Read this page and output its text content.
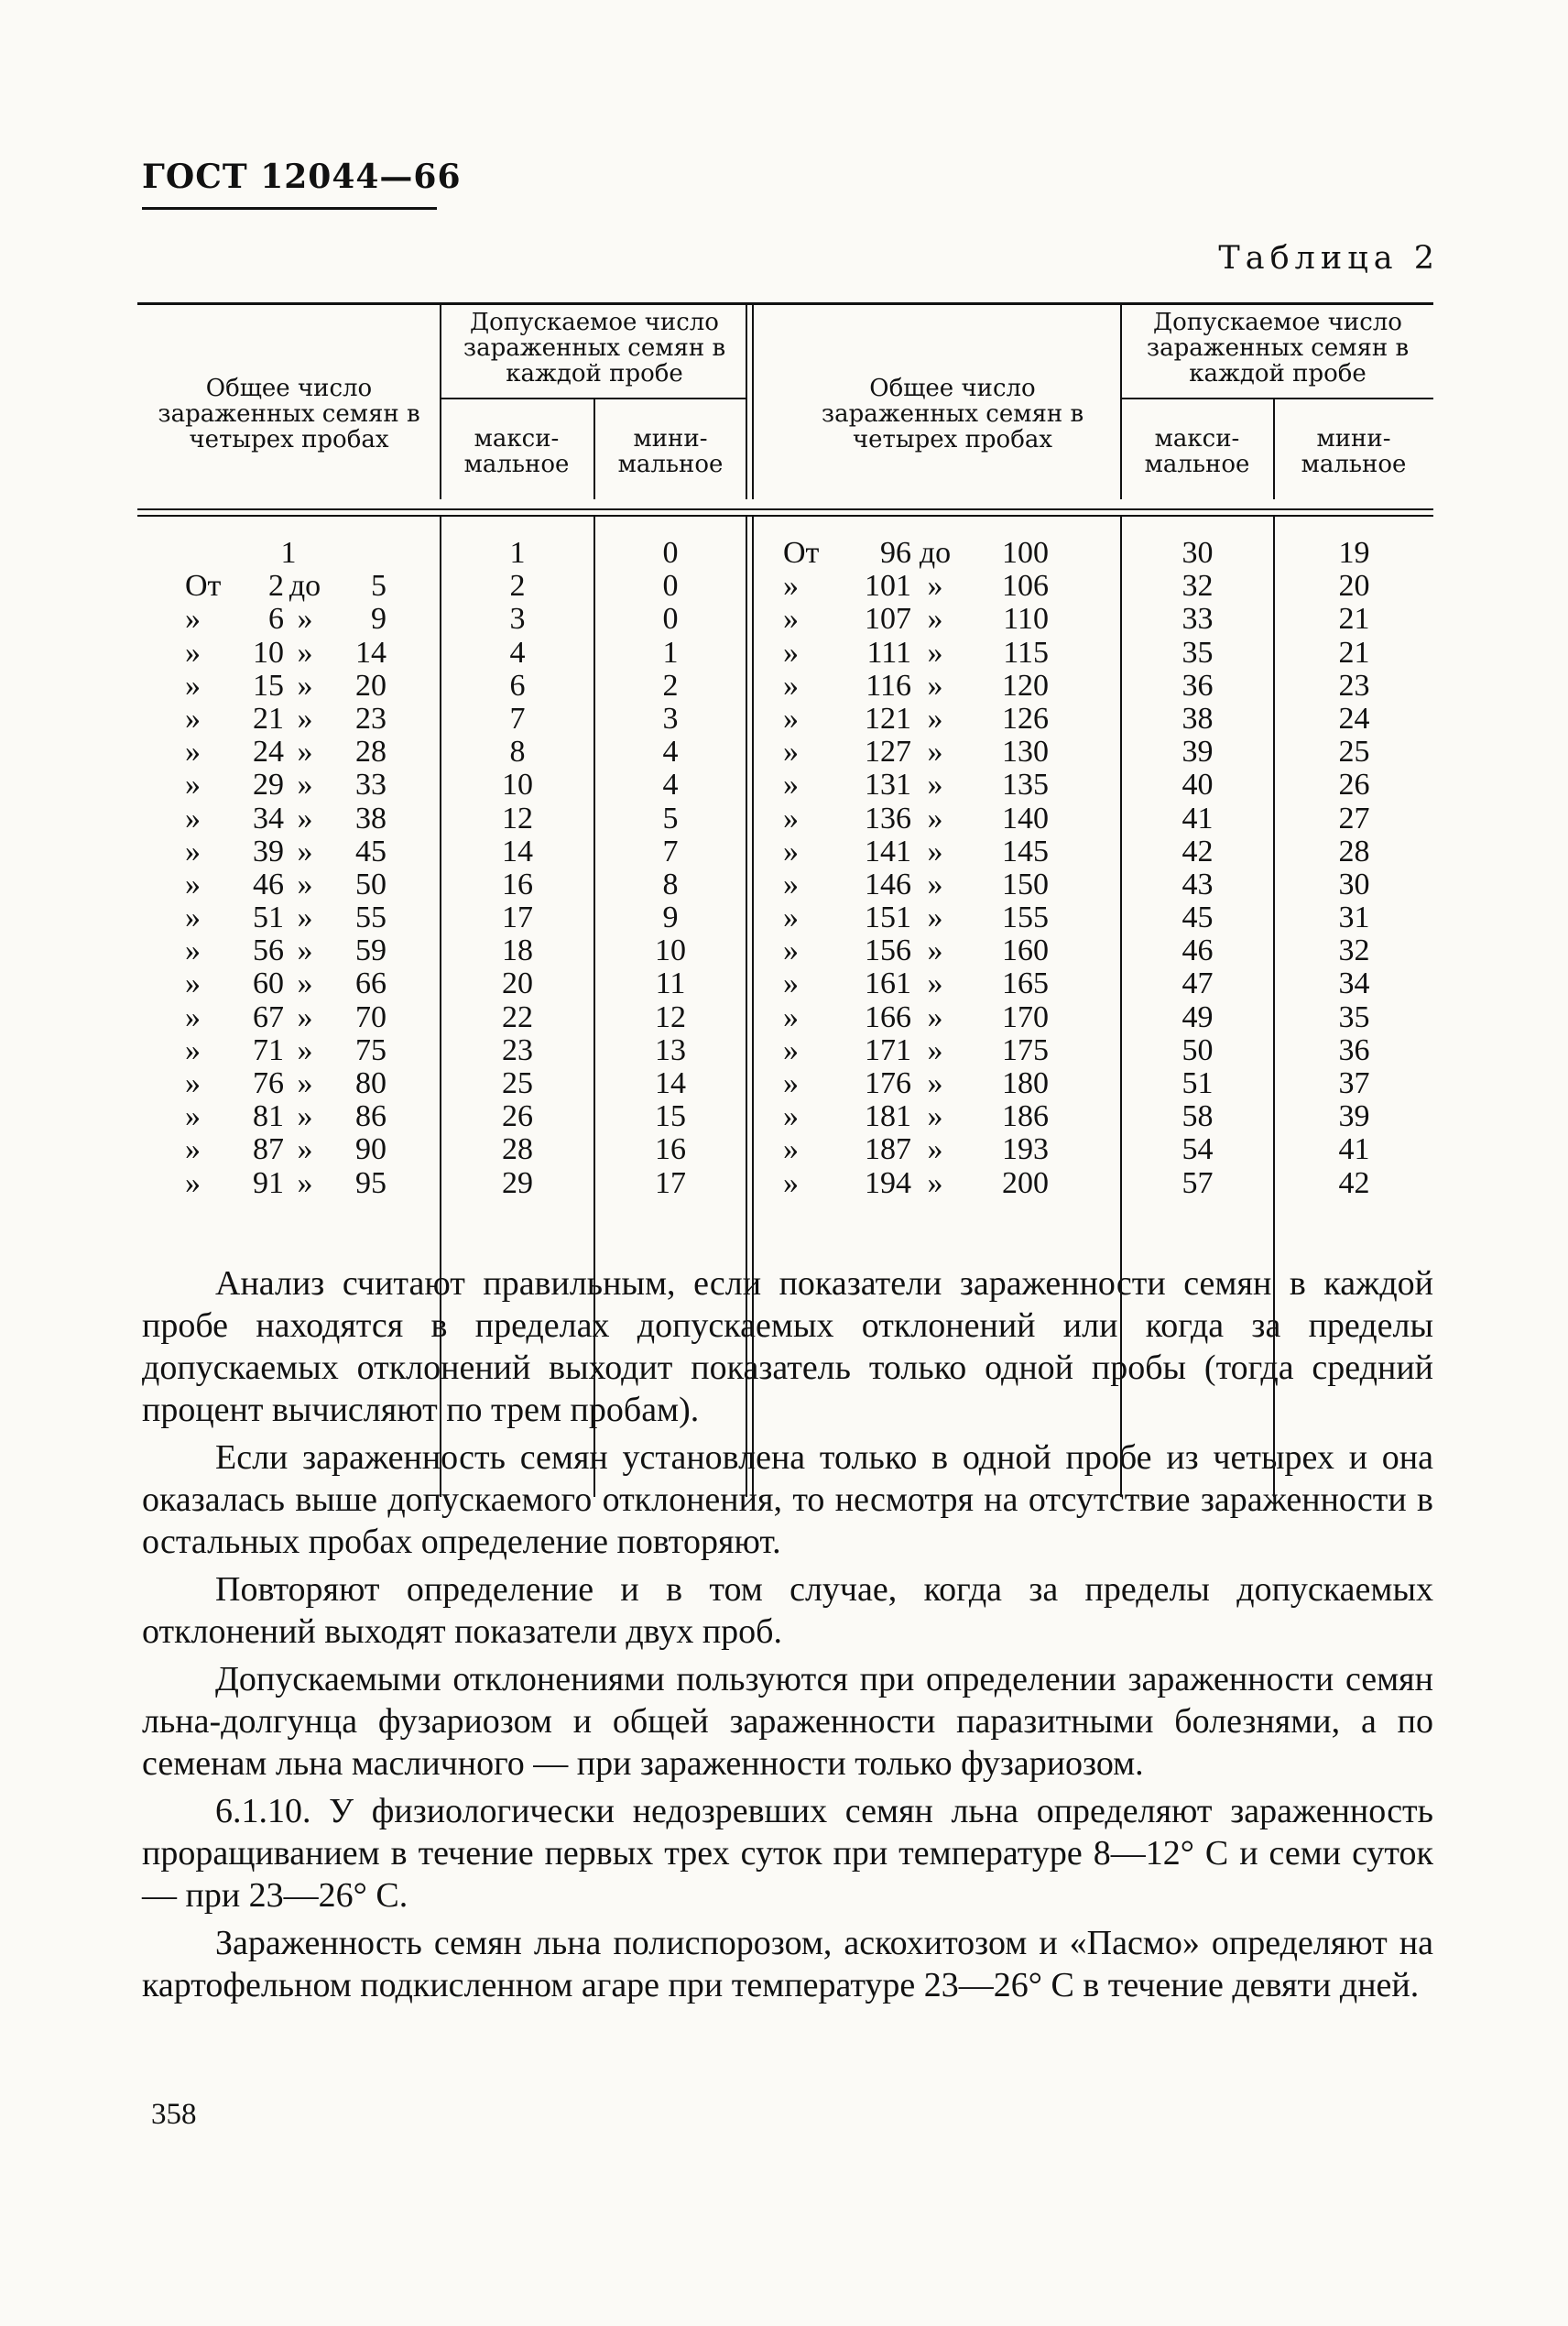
ГОСТ 12044—66
Таблица 2
Общее число зараженных семян в четырех пробах
Допускаемое число зараженных семян в каждой пробе
макси-мальное
мини-мальное
Общее число зараженных семян в четырех пробах
Допускаемое число зараженных семян в каждой пробе
макси-мальное
мини-мальное
1
От 2 до 5
» 6 » 9
» 10 » 14
» 15 » 20
» 21 » 23
» 24 » 28
» 29 » 33
» 34 » 38
» 39 » 45
» 46 » 50
» 51 » 55
» 56 » 59
» 60 » 66
» 67 » 70
» 71 » 75
» 76 » 80
» 81 » 86
» 87 » 90
» 91 » 95
1
2
3
4
6
7
8
10
12
14
16
17
18
20
22
23
25
26
28
29
0
0
0
1
2
3
4
4
5
7
8
9
10
11
12
13
14
15
16
17
От 96 до 100
» 101 » 106
» 107 » 110
» 111 » 115
» 116 » 120
» 121 » 126
» 127 » 130
» 131 » 135
» 136 » 140
» 141 » 145
» 146 » 150
» 151 » 155
» 156 » 160
» 161 » 165
» 166 » 170
» 171 » 175
» 176 » 180
» 181 » 186
» 187 » 193
» 194 » 200
30
32
33
35
36
38
39
40
41
42
43
45
46
47
49
50
51
58
54
57
19
20
21
21
23
24
25
26
27
28
30
31
32
34
35
36
37
39
41
42

Анализ считают правильным, если показатели зараженности семян в каждой пробе находятся в пределах допускаемых отклонений или когда за пределы допускаемых отклонений выходит показатель только одной пробы (тогда средний процент вычисляют по трем пробам).

Если зараженность семян установлена только в одной пробе из четырех и она оказалась выше допускаемого отклонения, то несмотря на отсутствие зараженности в остальных пробах определение повторяют.

Повторяют определение и в том случае, когда за пределы допускаемых отклонений выходят показатели двух проб.

Допускаемыми отклонениями пользуются при определении зараженности семян льна-долгунца фузариозом и общей зараженности паразитными болезнями, а по семенам льна масличного — при зараженности только фузариозом.

6.1.10. У физиологически недозревших семян льна определяют зараженность проращиванием в течение первых трех суток при температуре 8—12° С и семи суток — при 23—26° С.

Зараженность семян льна полиспорозом, аскохитозом и «Пасмо» определяют на картофельном подкисленном агаре при температуре 23—26° С в течение девяти дней.

358
